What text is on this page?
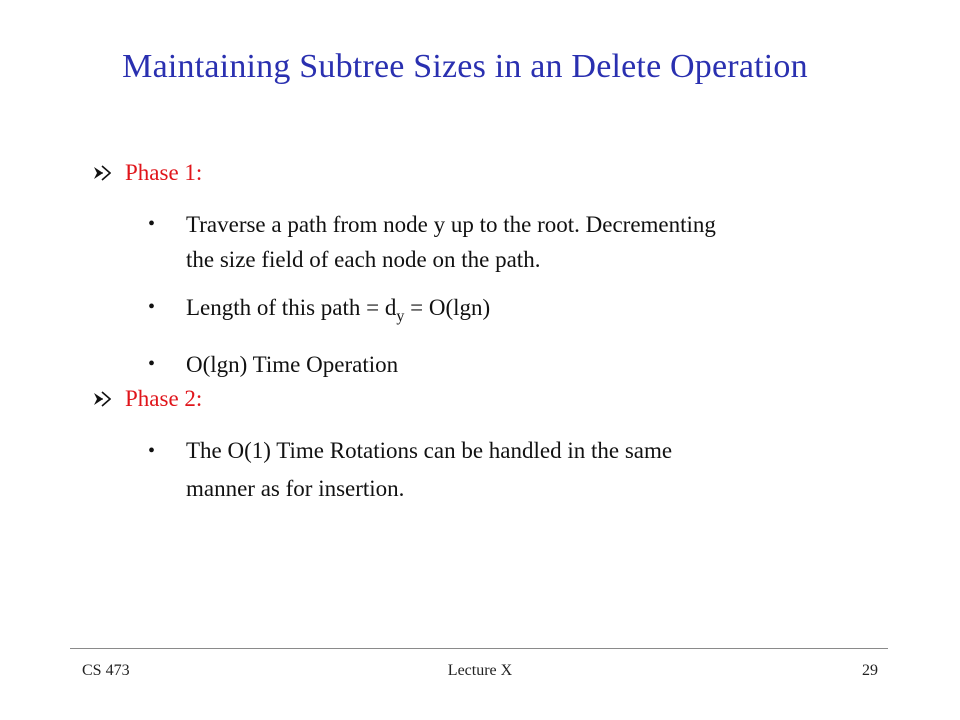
Maintaining Subtree Sizes in an Delete Operation
Phase 1:
• Traverse a path from node y up to the root. Decrementing
the size field of each node on the path.
• Length of this path = $d_y = O(\lg n)$
• O(lgn) Time Operation
Phase 2:
• The O(1) Time Rotations can be handled in the same
manner as for insertion.
CS 473	Lecture X	29
